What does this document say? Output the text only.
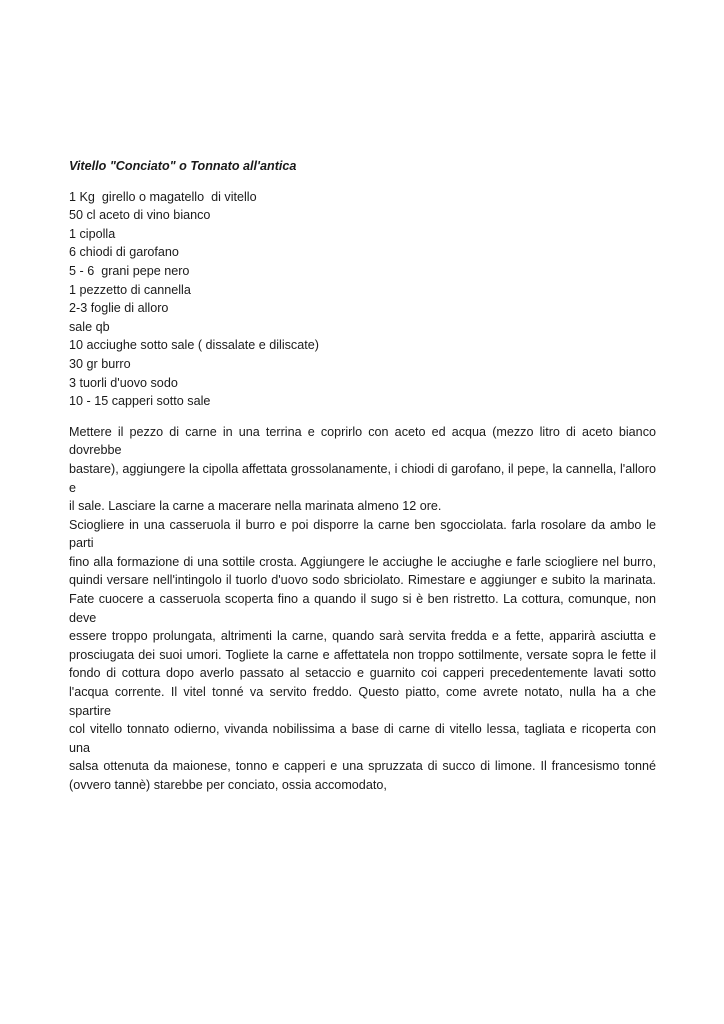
Vitello "Conciato" o Tonnato all'antica
1 Kg  girello o magatello  di vitello
50 cl aceto di vino bianco
1 cipolla
6 chiodi di garofano
5 - 6  grani pepe nero
1 pezzetto di cannella
2-3 foglie di alloro
sale qb
10 acciughe sotto sale ( dissalate e diliscate)
30 gr burro
3 tuorli d'uovo sodo
10 - 15 capperi sotto sale
Mettere il pezzo di carne in una terrina e coprirlo con aceto ed acqua (mezzo litro di aceto bianco dovrebbe
bastare), aggiungere la cipolla affettata grossolanamente, i chiodi di garofano, il pepe, la cannella, l'alloro e
il sale. Lasciare la carne a macerare nella marinata almeno 12 ore.
Sciogliere in una casseruola il burro e poi disporre la carne ben sgocciolata. farla rosolare da ambo le parti
fino alla formazione di una sottile crosta. Aggiungere le acciughe le acciughe e farle sciogliere nel burro,
quindi versare nell'intingolo il tuorlo d'uovo sodo sbriciolato. Rimestare e aggiunger e subito la marinata.
Fate cuocere a casseruola scoperta fino a quando il sugo si è ben ristretto. La cottura, comunque, non deve
essere troppo prolungata, altrimenti la carne, quando sarà servita fredda e a fette, apparirà asciutta e
prosciugata dei suoi umori. Togliete la carne e affettatela non troppo sottilmente, versate sopra le fette il
fondo di cottura dopo averlo passato al setaccio e guarnito coi capperi precedentemente lavati sotto
l'acqua corrente. Il vitel tonné va servito freddo. Questo piatto, come avrete notato, nulla ha a che spartire
col vitello tonnato odierno, vivanda nobilissima a base di carne di vitello lessa, tagliata e ricoperta con una
salsa ottenuta da maionese, tonno e capperi e una spruzzata di succo di limone. Il francesismo tonné
(ovvero tannè) starebbe per conciato, ossia accomodato,
